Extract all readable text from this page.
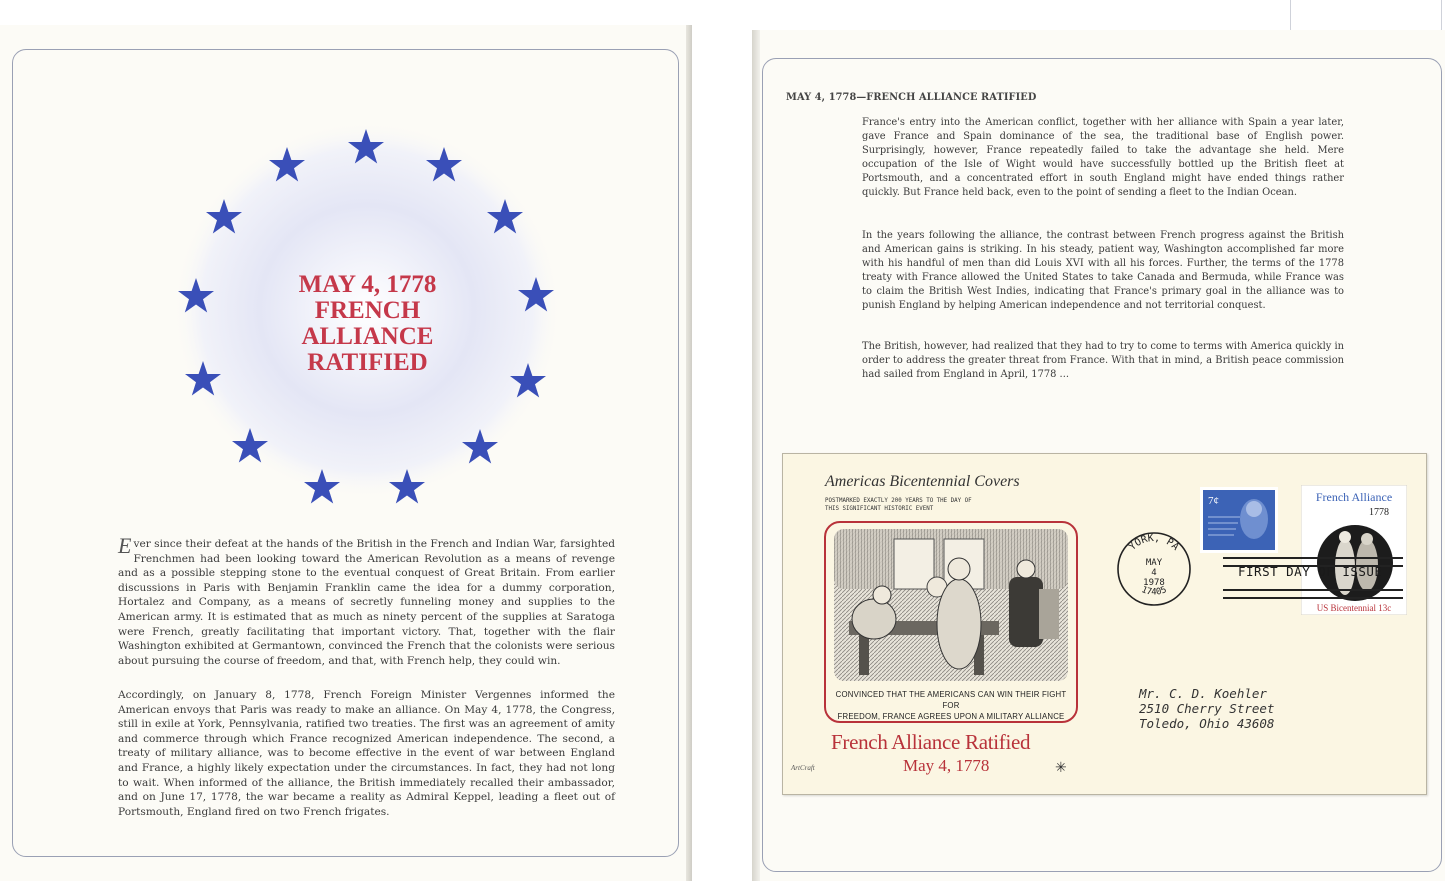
MAY 4, 1778
FRENCH
ALLIANCE
RATIFIED
Ever since their defeat at the hands of the British in the French and Indian War, farsighted Frenchmen had been looking toward the American Revolution as a means of revenge and as a possible stepping stone to the eventual conquest of Great Britain. From earlier discussions in Paris with Benjamin Franklin came the idea for a dummy corporation, Hortalez and Company, as a means of secretly funneling money and supplies to the American army. It is estimated that as much as ninety percent of the supplies at Saratoga were French, greatly facilitating that important victory. That, together with the flair Washington exhibited at Germantown, convinced the French that the colonists were serious about pursuing the course of freedom, and that, with French help, they could win.
Accordingly, on January 8, 1778, French Foreign Minister Vergennes informed the American envoys that Paris was ready to make an alliance. On May 4, 1778, the Congress, still in exile at York, Pennsylvania, ratified two treaties. The first was an agreement of amity and commerce through which France recognized American independence. The second, a treaty of military alliance, was to become effective in the event of war between England and France, a highly likely expectation under the circumstances. In fact, they had not long to wait. When informed of the alliance, the British immediately recalled their ambassador, and on June 17, 1778, the war became a reality as Admiral Keppel, leading a fleet out of Portsmouth, England fired on two French frigates.
MAY 4, 1778—FRENCH ALLIANCE RATIFIED
France's entry into the American conflict, together with her alliance with Spain a year later, gave France and Spain dominance of the sea, the traditional base of English power. Surprisingly, however, France repeatedly failed to take the advantage she held. Mere occupation of the Isle of Wight would have successfully bottled up the British fleet at Portsmouth, and a concentrated effort in south England might have ended things rather quickly. But France held back, even to the point of sending a fleet to the Indian Ocean.
In the years following the alliance, the contrast between French progress against the British and American gains is striking. In his steady, patient way, Washington accomplished far more with his handful of men than did Louis XVI with all his forces. Further, the terms of the 1778 treaty with France allowed the United States to take Canada and Bermuda, while France was to claim the British West Indies, indicating that France's primary goal in the alliance was to punish England by helping American independence and not territorial conquest.
The British, however, had realized that they had to try to come to terms with America quickly in order to address the greater threat from France. With that in mind, a British peace commission had sailed from England in April, 1778 ...
Americas Bicentennial Covers
POSTMARKED EXACTLY 200 YEARS TO THE DAY OF THIS SIGNIFICANT HISTORIC EVENT
CONVINCED THAT THE AMERICANS CAN WIN THEIR FIGHT FOR
FREEDOM, FRANCE AGREES UPON A MILITARY ALLIANCE
French Alliance Ratified
May 4, 1778
ArtCraft	✳
7¢	French Alliance
1778
US Bicentennial 13c
FIRST DAY OF ISSUE
YORK, PA
MAY
4
1978
17405
Mr. C. D. Koehler
2510 Cherry Street
Toledo, Ohio 43608
